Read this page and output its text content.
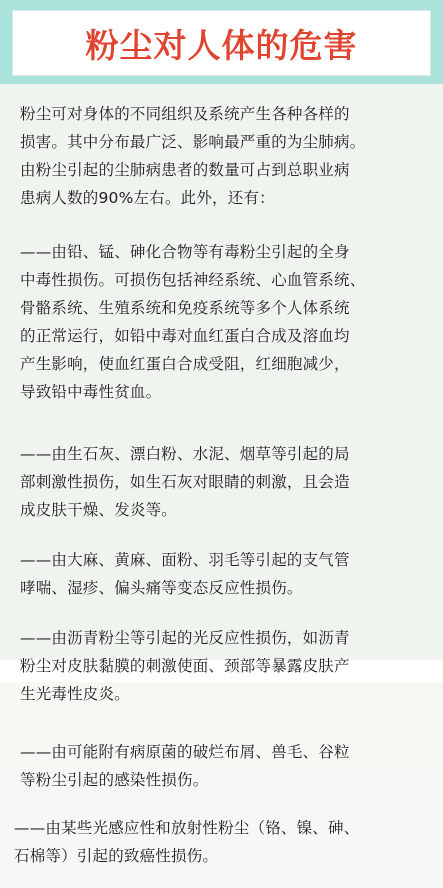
粉尘对人体的危害
粉尘可对身体的不同组织及系统产生各种各样的
损害。其中分布最广泛、影响最严重的为尘肺病。
由粉尘引起的尘肺病患者的数量可占到总职业病
患病人数的90%左右。此外，还有：
——由铅、锰、砷化合物等有毒粉尘引起的全身
中毒性损伤。可损伤包括神经系统、心血管系统、
骨骼系统、生殖系统和免疫系统等多个人体系统
的正常运行，如铅中毒对血红蛋白合成及溶血均
产生影响，使血红蛋白合成受阻，红细胞减少，
导致铅中毒性贫血。
——由生石灰、漂白粉、水泥、烟草等引起的局
部刺激性损伤，如生石灰对眼睛的刺激，且会造
成皮肤干燥、发炎等。
——由大麻、黄麻、面粉、羽毛等引起的支气管
哮喘、湿疹、偏头痛等变态反应性损伤。
——由沥青粉尘等引起的光反应性损伤，如沥青
粉尘对皮肤黏膜的刺激使面、颈部等暴露皮肤产
生光毒性皮炎。
——由可能附有病原菌的破烂布屑、兽毛、谷粒
等粉尘引起的感染性损伤。
——由某些光感应性和放射性粉尘（铬、镍、砷、
石棉等）引起的致癌性损伤。
